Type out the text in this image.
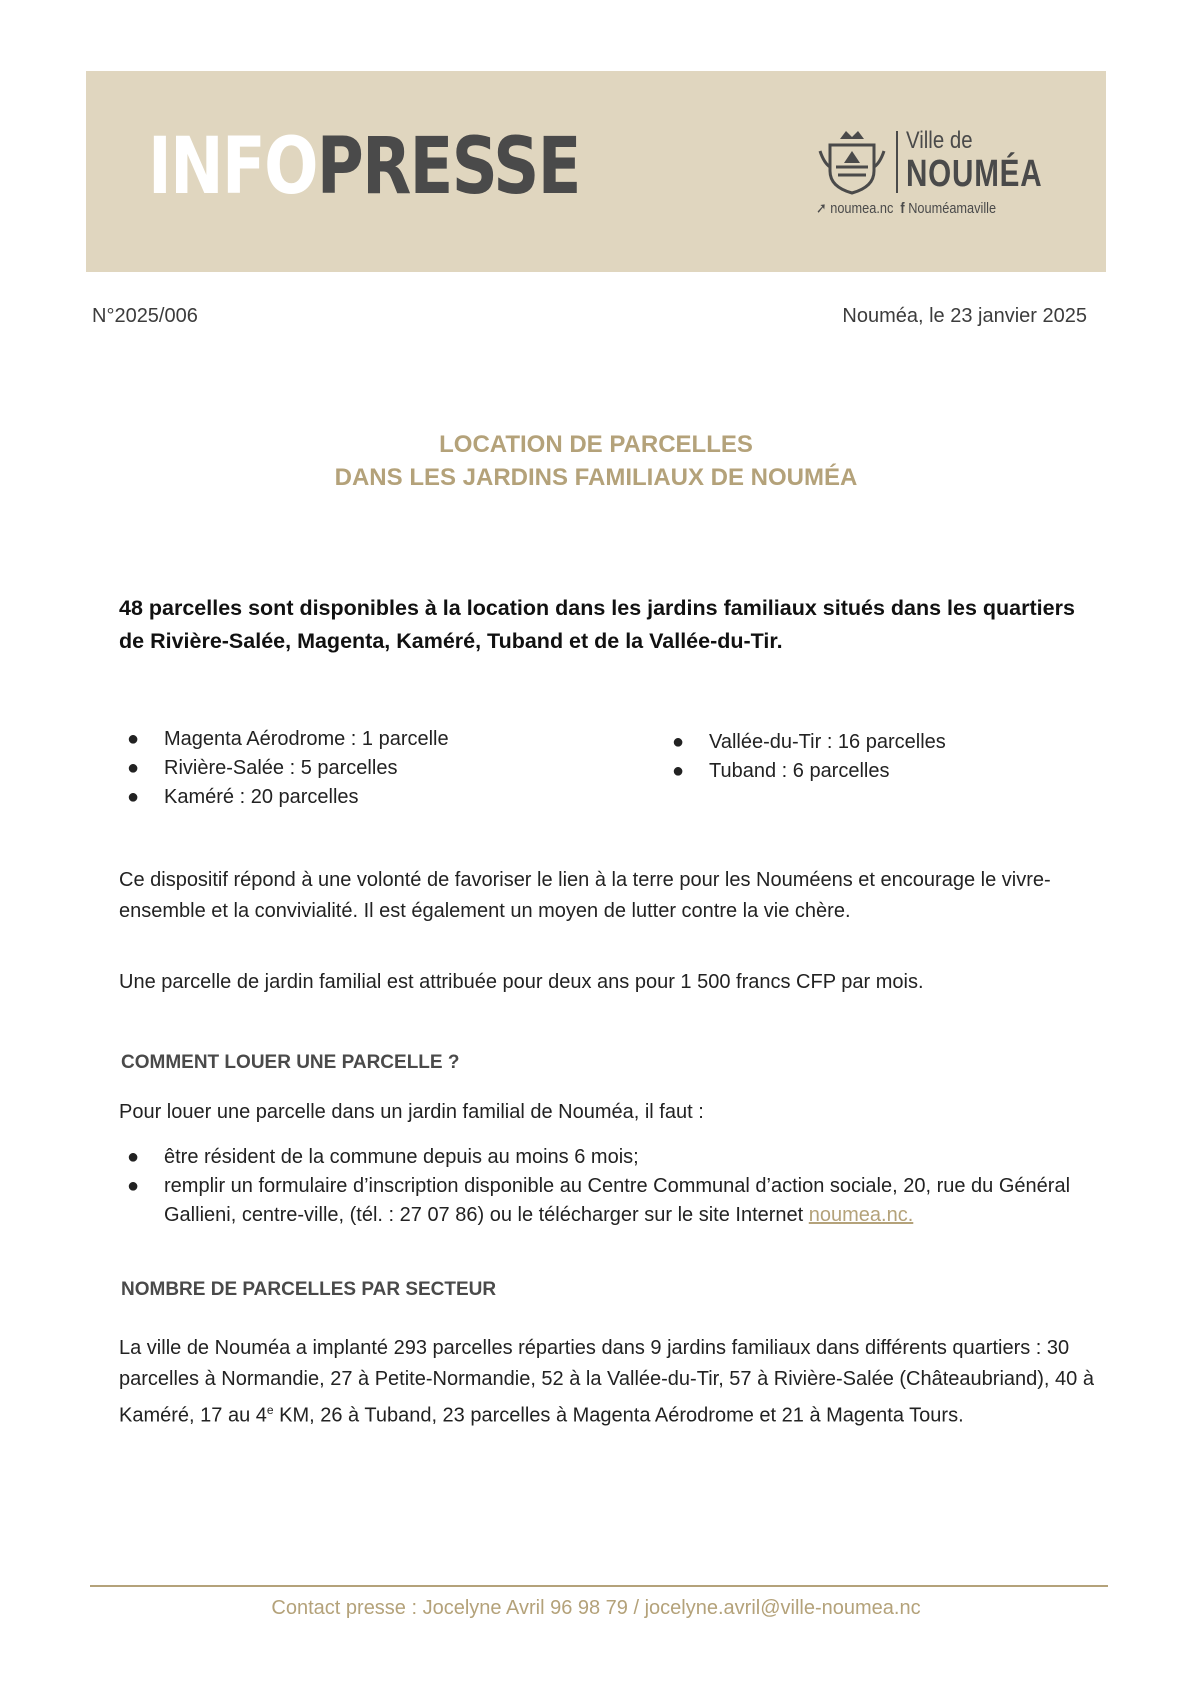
INFO PRESSE	Ville de
NOUMÉA
➚ noumea.nc f Nouméamaville
N°2025/006	Nouméa, le 23 janvier 2025
LOCATION DE PARCELLES
DANS LES JARDINS FAMILIAUX DE NOUMÉA
48 parcelles sont disponibles à la location dans les jardins familiaux situés dans les quartiers de Rivière-Salée, Magenta, Kaméré, Tuband et de la Vallée-du-Tir.
● Magenta Aérodrome : 1 parcelle
● Rivière-Salée : 5 parcelles
● Kaméré : 20 parcelles
● Vallée-du-Tir : 16 parcelles
● Tuband : 6 parcelles
Ce dispositif répond à une volonté de favoriser le lien à la terre pour les Nouméens et encourage le vivre-ensemble et la convivialité. Il est également un moyen de lutter contre la vie chère.
Une parcelle de jardin familial est attribuée pour deux ans pour 1 500 francs CFP par mois.
COMMENT LOUER UNE PARCELLE ?
Pour louer une parcelle dans un jardin familial de Nouméa, il faut :
● être résident de la commune depuis au moins 6 mois;
● remplir un formulaire d’inscription disponible au Centre Communal d’action sociale, 20, rue du Général Gallieni, centre-ville, (tél. : 27 07 86) ou le télécharger sur le site Internet noumea.nc.
NOMBRE DE PARCELLES PAR SECTEUR
La ville de Nouméa a implanté 293 parcelles réparties dans 9 jardins familiaux dans différents quartiers : 30 parcelles à Normandie, 27 à Petite-Normandie, 52 à la Vallée-du-Tir, 57 à Rivière-Salée (Châteaubriand), 40 à Kaméré, 17 au 4e KM, 26 à Tuband, 23 parcelles à Magenta Aérodrome et 21 à Magenta Tours.
Contact presse : Jocelyne Avril 96 98 79 / jocelyne.avril@ville-noumea.nc
